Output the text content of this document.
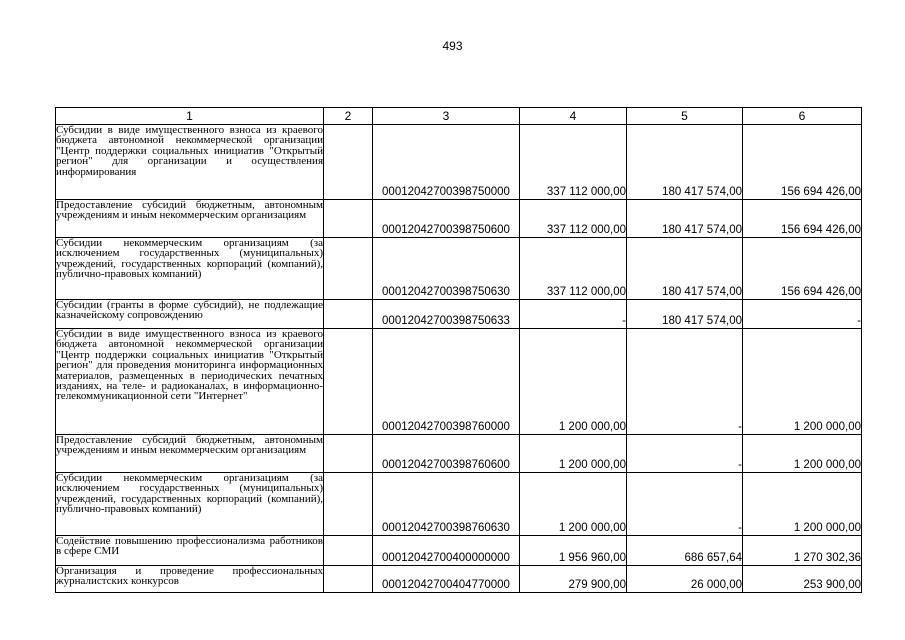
493
1	2	3	4	5	6
Субсидии в виде имущественного взноса из краевого бюджета автономной некоммерческой организации "Центр поддержки социальных инициатив "Открытый регион" для организации и осуществления информирования		00012042700398750000	337 112 000,00	180 417 574,00	156 694 426,00
Предоставление субсидий бюджетным, автономным учреждениям и иным некоммерческим организациям		00012042700398750600	337 112 000,00	180 417 574,00	156 694 426,00
Субсидии некоммерческим организациям (за исключением государственных (муниципальных) учреждений, государственных корпораций (компаний), публично-правовых компаний)		00012042700398750630	337 112 000,00	180 417 574,00	156 694 426,00
Субсидии (гранты в форме субсидий), не подлежащие казначейскому сопровождению		00012042700398750633	-	180 417 574,00	-
Субсидии в виде имущественного взноса из краевого бюджета автономной некоммерческой организации "Центр поддержки социальных инициатив "Открытый регион" для проведения мониторинга информационных материалов, размещенных в периодических печатных изданиях, на теле- и радиоканалах, в информационно-телекоммуникационной сети "Интернет"		00012042700398760000	1 200 000,00	-	1 200 000,00
Предоставление субсидий бюджетным, автономным учреждениям и иным некоммерческим организациям		00012042700398760600	1 200 000,00	-	1 200 000,00
Субсидии некоммерческим организациям (за исключением государственных (муниципальных) учреждений, государственных корпораций (компаний), публично-правовых компаний)		00012042700398760630	1 200 000,00	-	1 200 000,00
Содействие повышению профессионализма работников в сфере СМИ		00012042700400000000	1 956 960,00	686 657,64	1 270 302,36
Организация и проведение профессиональных журналистских конкурсов		00012042700404770000	279 900,00	26 000,00	253 900,00
